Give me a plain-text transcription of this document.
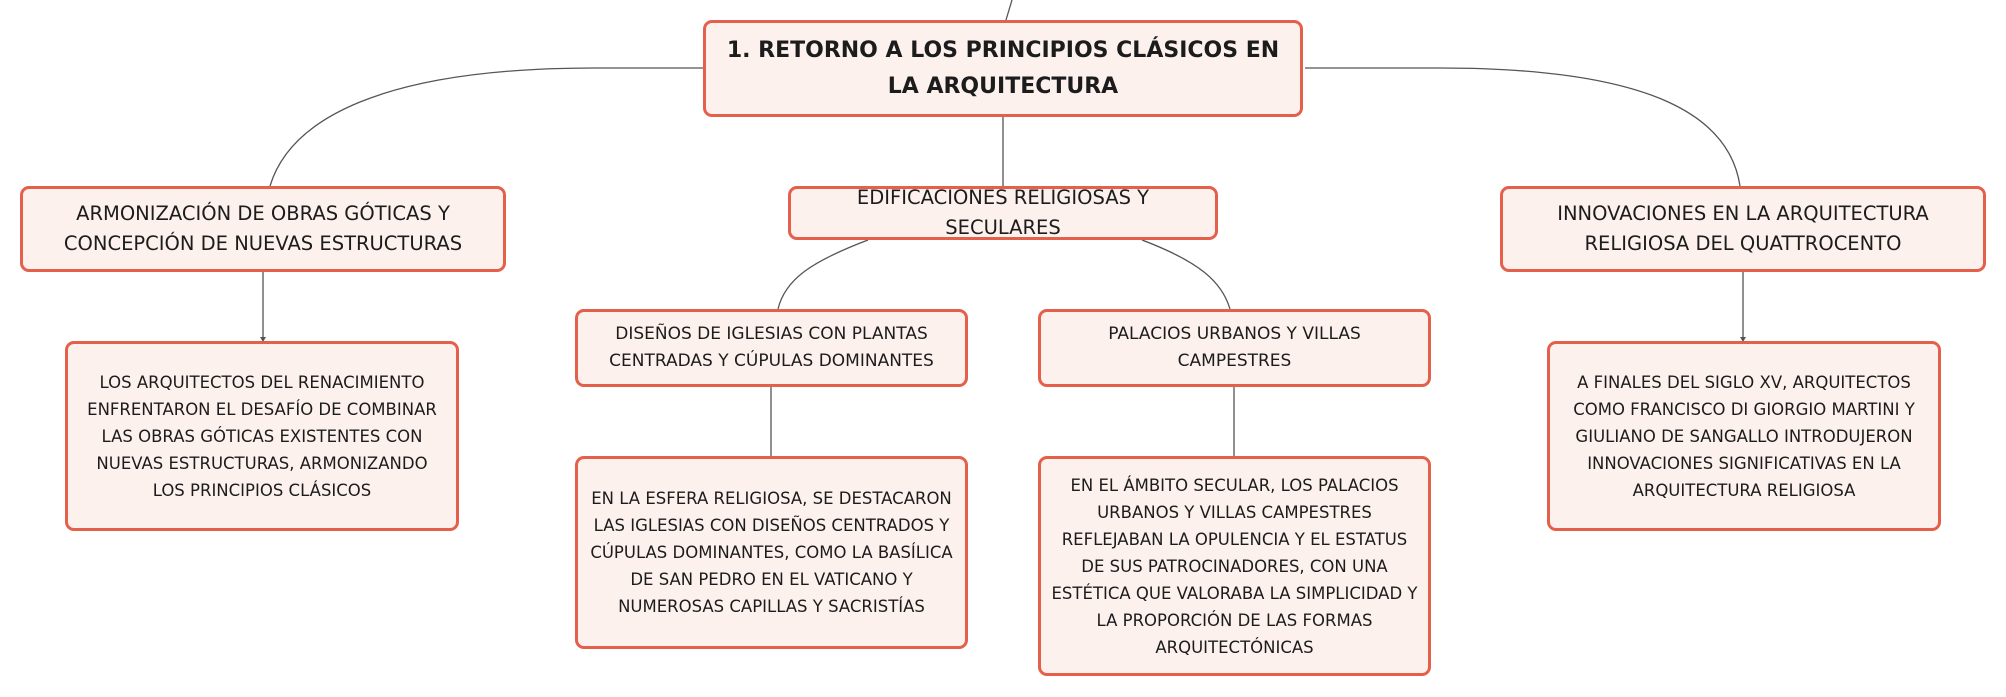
1. RETORNO A LOS PRINCIPIOS CLÁSICOS EN LA ARQUITECTURA
ARMONIZACIÓN DE OBRAS GÓTICAS Y CONCEPCIÓN DE NUEVAS ESTRUCTURAS
EDIFICACIONES RELIGIOSAS Y SECULARES
INNOVACIONES EN LA ARQUITECTURA RELIGIOSA DEL QUATTROCENTO
LOS ARQUITECTOS DEL RENACIMIENTO ENFRENTARON EL DESAFÍO DE COMBINAR LAS OBRAS GÓTICAS EXISTENTES CON NUEVAS ESTRUCTURAS, ARMONIZANDO LOS PRINCIPIOS CLÁSICOS
DISEÑOS DE IGLESIAS CON PLANTAS CENTRADAS Y CÚPULAS DOMINANTES
PALACIOS URBANOS Y VILLAS CAMPESTRES
EN LA ESFERA RELIGIOSA, SE DESTACARON LAS IGLESIAS CON DISEÑOS CENTRADOS Y CÚPULAS DOMINANTES, COMO LA BASÍLICA DE SAN PEDRO EN EL VATICANO Y NUMEROSAS CAPILLAS Y SACRISTÍAS
EN EL ÁMBITO SECULAR, LOS PALACIOS URBANOS Y VILLAS CAMPESTRES REFLEJABAN LA OPULENCIA Y EL ESTATUS DE SUS PATROCINADORES, CON UNA ESTÉTICA QUE VALORABA LA SIMPLICIDAD Y LA PROPORCIÓN DE LAS FORMAS ARQUITECTÓNICAS
A FINALES DEL SIGLO XV, ARQUITECTOS COMO FRANCISCO DI GIORGIO MARTINI Y GIULIANO DE SANGALLO INTRODUJERON INNOVACIONES SIGNIFICATIVAS EN LA ARQUITECTURA RELIGIOSA
